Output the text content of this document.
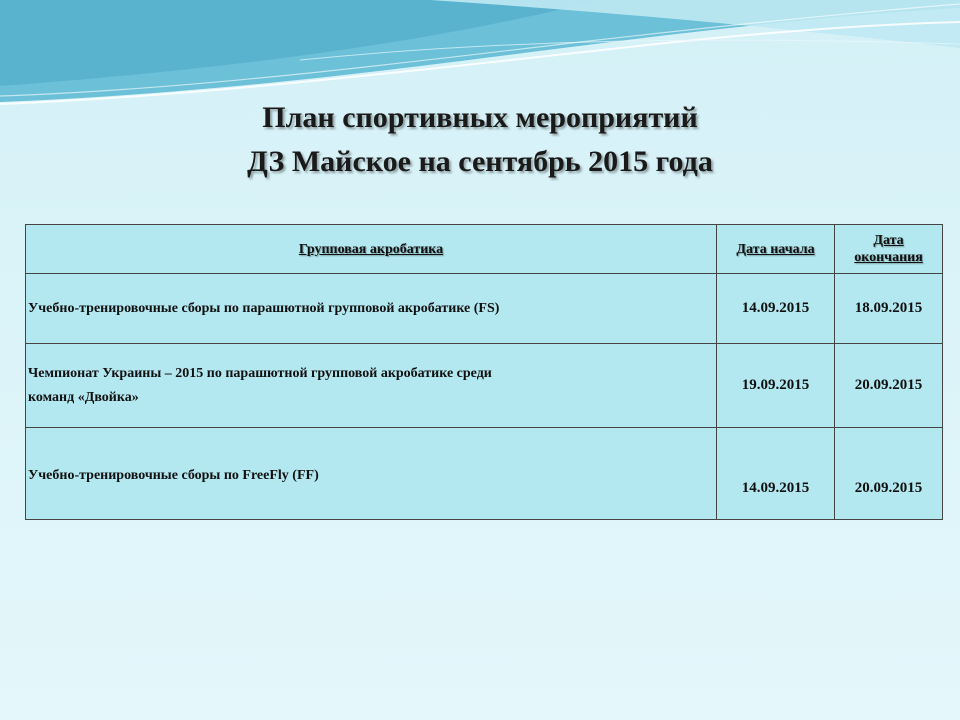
План спортивных мероприятий
ДЗ Майское на сентябрь 2015 года
Групповая акробатика	Дата начала	Дата
окончания
Учебно-тренировочные сборы по парашютной групповой акробатике (FS)	14.09.2015	18.09.2015
Чемпионат Украины – 2015 по парашютной групповой акробатике среди
команд «Двойка»	19.09.2015	20.09.2015
Учебно-тренировочные сборы по FreeFly (FF)	14.09.2015	20.09.2015
